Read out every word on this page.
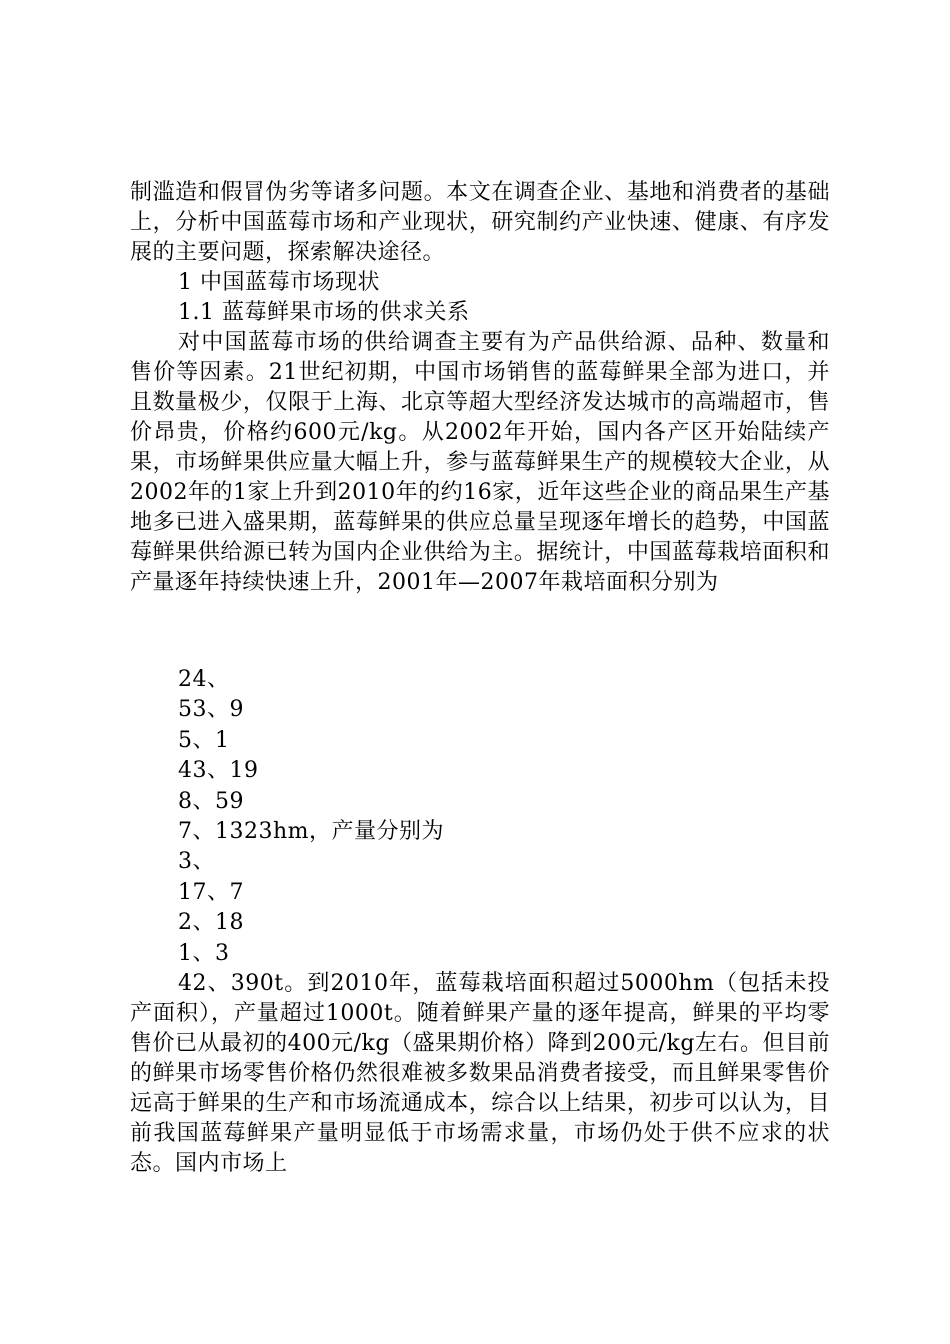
制滥造和假冒伪劣等诸多问题。本文在调查企业、基地和消费者的基础上，分析中国蓝莓市场和产业现状，研究制约产业快速、健康、有序发展的主要问题，探索解决途径。
1 中国蓝莓市场现状
1.1 蓝莓鲜果市场的供求关系
对中国蓝莓市场的供给调查主要有为产品供给源、品种、数量和售价等因素。21世纪初期，中国市场销售的蓝莓鲜果全部为进口，并且数量极少，仅限于上海、北京等超大型经济发达城市的高端超市，售价昂贵，价格约600元/kg。从2002年开始，国内各产区开始陆续产果，市场鲜果供应量大幅上升，参与蓝莓鲜果生产的规模较大企业，从2002年的1家上升到2010年的约16家，近年这些企业的商品果生产基地多已进入盛果期，蓝莓鲜果的供应总量呈现逐年增长的趋势，中国蓝莓鲜果供给源已转为国内企业供给为主。据统计，中国蓝莓栽培面积和产量逐年持续快速上升，2001年—2007年栽培面积分别为
24、
53、9
5、1
43、19
8、59
7、1323hm，产量分别为
3、
17、7
2、18
1、3
42、390t。到2010年，蓝莓栽培面积超过5000hm（包括未投产面积），产量超过1000t。随着鲜果产量的逐年提高，鲜果的平均零售价已从最初的400元/kg（盛果期价格）降到200元/kg左右。但目前的鲜果市场零售价格仍然很难被多数果品消费者接受，而且鲜果零售价远高于鲜果的生产和市场流通成本，综合以上结果，初步可以认为，目前我国蓝莓鲜果产量明显低于市场需求量，市场仍处于供不应求的状态。国内市场上
